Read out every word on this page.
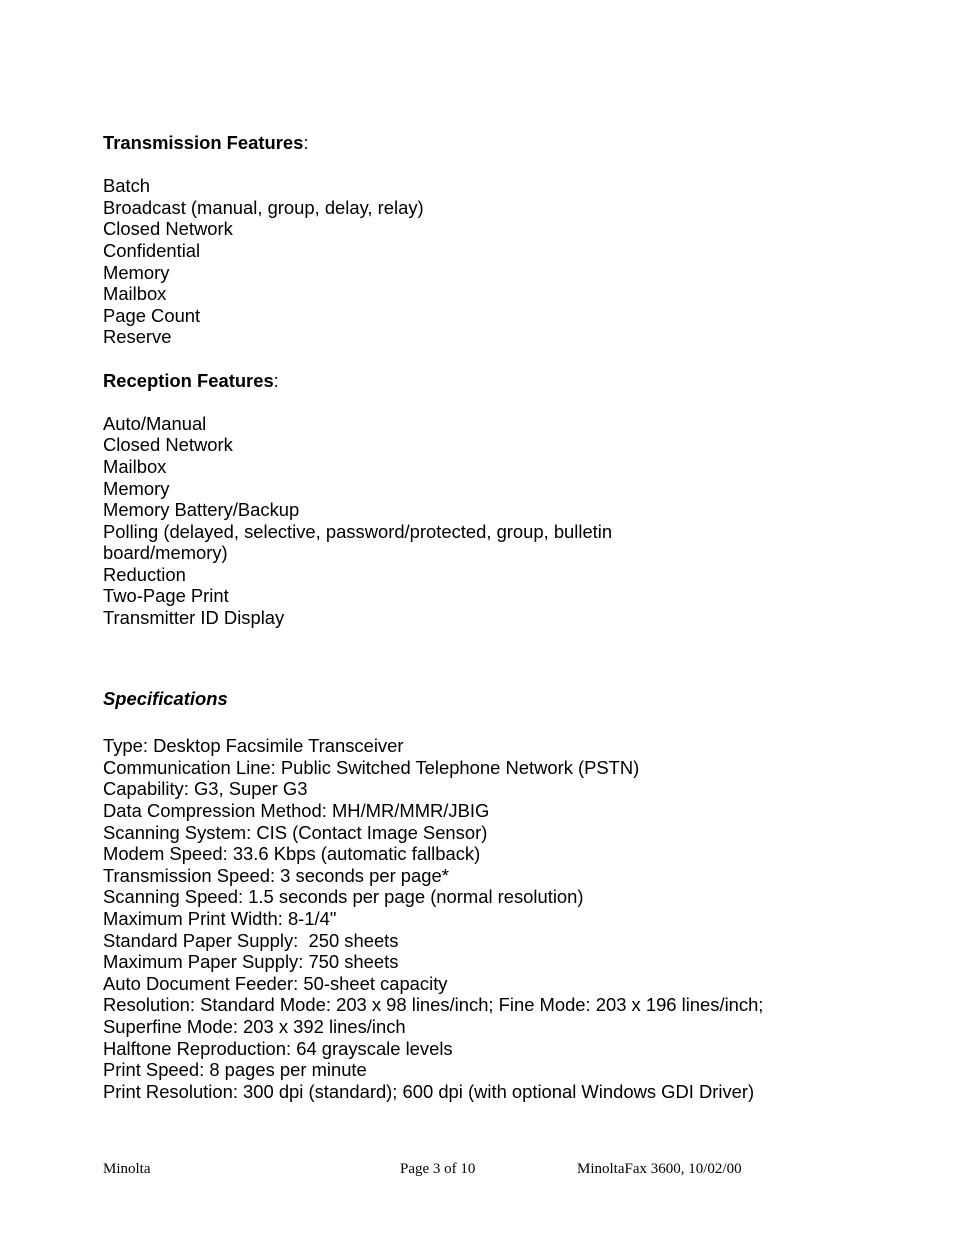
Transmission Features:

Batch
Broadcast (manual, group, delay, relay)
Closed Network
Confidential
Memory
Mailbox
Page Count
Reserve

Reception Features:

Auto/Manual
Closed Network
Mailbox
Memory
Memory Battery/Backup
Polling (delayed, selective, password/protected, group, bulletin
board/memory)
Reduction
Two-Page Print
Transmitter ID Display

Specifications

Type: Desktop Facsimile Transceiver
Communication Line: Public Switched Telephone Network (PSTN)
Capability: G3, Super G3
Data Compression Method: MH/MR/MMR/JBIG
Scanning System: CIS (Contact Image Sensor)
Modem Speed: 33.6 Kbps (automatic fallback)
Transmission Speed: 3 seconds per page*
Scanning Speed: 1.5 seconds per page (normal resolution)
Maximum Print Width: 8-1/4"
Standard Paper Supply:  250 sheets
Maximum Paper Supply: 750 sheets
Auto Document Feeder: 50-sheet capacity
Resolution: Standard Mode: 203 x 98 lines/inch; Fine Mode: 203 x 196 lines/inch;
Superfine Mode: 203 x 392 lines/inch
Halftone Reproduction: 64 grayscale levels
Print Speed: 8 pages per minute
Print Resolution: 300 dpi (standard); 600 dpi (with optional Windows GDI Driver)
Minolta	Page 3 of 10	MinoltaFax 3600, 10/02/00
